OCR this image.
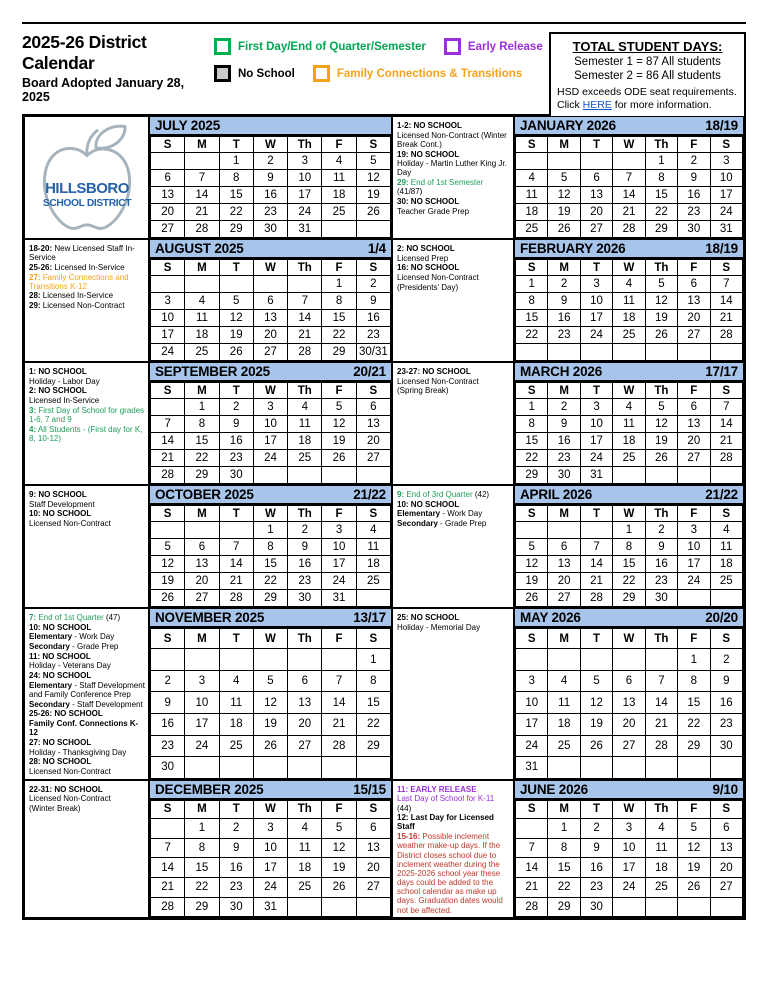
2025-26 District Calendar
Board Adopted January 28, 2025
First Day/End of Quarter/Semester	Early Release
No School	Family Connections & Transitions
TOTAL STUDENT DAYS:
Semester 1 = 87 All students
Semester 2 = 86 All students
HSD exceeds ODE seat requirements.
Click HERE for more information.
HILLSBORO
SCHOOL DISTRICT
JULY 2025
S	M	T	W	Th	F	S
		1	2	3	4	5
6	7	8	9	10	11	12
13	14	15	16	17	18	19
20	21	22	23	24	25	26
27	28	29	30	31		
1-2: NO SCHOOL
Licensed Non-Contract (Winter Break Cont.)
19: NO SCHOOL
Holiday - Martin Luther King Jr. Day
29: End of 1st Semester (41/87)
30: NO SCHOOL
Teacher Grade Prep
JANUARY 2026	18/19
S	M	T	W	Th	F	S
				1	2	3
4	5	6	7	8	9	10
11	12	13	14	15	16	17
18	19	20	21	22	23	24
25	26	27	28	29	30	31
18-20: New Licensed Staff In-Service
25-26: Licensed In-Service
27: Family Connections and Transitions K-12
28: Licensed In-Service
29: Licensed Non-Contract
AUGUST 2025	1/4
S	M	T	W	Th	F	S
					1	2
3	4	5	6	7	8	9
10	11	12	13	14	15	16
17	18	19	20	21	22	23
24	25	26	27	28	29	30/31
2: NO SCHOOL
Licensed Prep
16: NO SCHOOL
Licensed Non-Contract
(Presidents' Day)
FEBRUARY 2026	18/19
S	M	T	W	Th	F	S
1	2	3	4	5	6	7
8	9	10	11	12	13	14
15	16	17	18	19	20	21
22	23	24	25	26	27	28

1: NO SCHOOL
Holiday - Labor Day
2: NO SCHOOL
Licensed In-Service
3: First Day of School for grades 1-6, 7 and 9
4: All Students - (First day for K, 8, 10-12)
SEPTEMBER 2025	20/21
S	M	T	W	Th	F	S
	1	2	3	4	5	6
7	8	9	10	11	12	13
14	15	16	17	18	19	20
21	22	23	24	25	26	27
28	29	30				
23-27: NO SCHOOL
Licensed Non-Contract
(Spring Break)
MARCH 2026	17/17
S	M	T	W	Th	F	S
1	2	3	4	5	6	7
8	9	10	11	12	13	14
15	16	17	18	19	20	21
22	23	24	25	26	27	28
29	30	31				
9: NO SCHOOL
Staff Development
10: NO SCHOOL
Licensed Non-Contract
OCTOBER 2025	21/22
S	M	T	W	Th	F	S
			1	2	3	4
5	6	7	8	9	10	11
12	13	14	15	16	17	18
19	20	21	22	23	24	25
26	27	28	29	30	31	
9: End of 3rd Quarter (42)
10: NO SCHOOL
Elementary - Work Day
Secondary - Grade Prep
APRIL 2026	21/22
S	M	T	W	Th	F	S
			1	2	3	4
5	6	7	8	9	10	11
12	13	14	15	16	17	18
19	20	21	22	23	24	25
26	27	28	29	30		
7: End of 1st Quarter (47)
10: NO SCHOOL
Elementary - Work Day
Secondary - Grade Prep
11: NO SCHOOL
Holiday - Veterans Day
24: NO SCHOOL
Elementary - Staff Development and Family Conference Prep
Secondary - Staff Development
25-26: NO SCHOOL
Family Conf. Connections K-12
27: NO SCHOOL
Holiday - Thanksgiving Day
28: NO SCHOOL
Licensed Non-Contract
NOVEMBER 2025	13/17
S	M	T	W	Th	F	S
						1
2	3	4	5	6	7	8
9	10	11	12	13	14	15
16	17	18	19	20	21	22
23	24	25	26	27	28	29
30						
25: NO SCHOOL
Holiday - Memorial Day
MAY 2026	20/20
S	M	T	W	Th	F	S
					1	2
3	4	5	6	7	8	9
10	11	12	13	14	15	16
17	18	19	20	21	22	23
24	25	26	27	28	29	30
31						
22-31: NO SCHOOL
Licensed Non-Contract
(Winter Break)
DECEMBER 2025	15/15
S	M	T	W	Th	F	S
	1	2	3	4	5	6
7	8	9	10	11	12	13
14	15	16	17	18	19	20
21	22	23	24	25	26	27
28	29	30	31			
11: EARLY RELEASE
Last Day of School for K-11 (44)
12: Last Day for Licensed Staff
15-16: Possible inclement weather make-up days. If the District closes school due to inclement weather during the 2025-2026 school year these days could be added to the school calendar as make up days. Graduation dates would not be affected.
JUNE 2026	9/10
S	M	T	W	Th	F	S
	1	2	3	4	5	6
7	8	9	10	11	12	13
14	15	16	17	18	19	20
21	22	23	24	25	26	27
28	29	30				
